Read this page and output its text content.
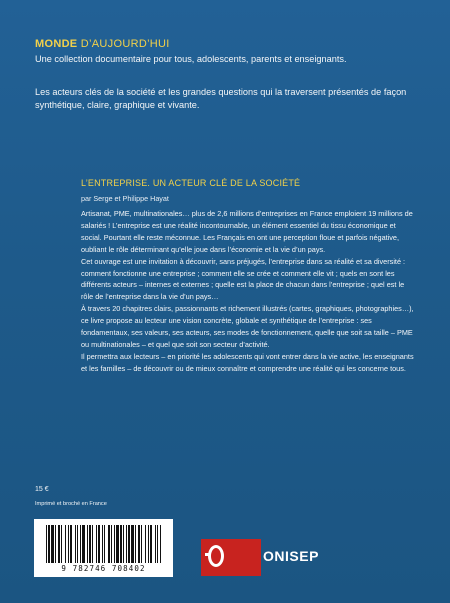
MONDE D’AUJOURD’HUI
Une collection documentaire pour tous, adolescents, parents et enseignants.
Les acteurs clés de la société et les grandes questions qui la traversent présentés de façon synthétique, claire, graphique et vivante.
L’ENTREPRISE. UN ACTEUR CLÉ DE LA SOCIÉTÉ
par Serge et Philippe Hayat

Artisanat, PME, multinationales… plus de 2,6 millions d’entreprises en France emploient 19 millions de salariés ! L’entreprise est une réalité incontournable, un élément essentiel du tissu économique et social. Pourtant elle reste méconnue. Les Français en ont une perception floue et parfois négative, oubliant le rôle déterminant qu’elle joue dans l’économie et la vie d’un pays.

Cet ouvrage est une invitation à découvrir, sans préjugés, l’entreprise dans sa réalité et sa diversité : comment fonctionne une entreprise ; comment elle se crée et comment elle vit ; quels en sont les différents acteurs – internes et externes ; quelle est la place de chacun dans l’entreprise ; quel est le rôle de l’entreprise dans la vie d’un pays…

À travers 20 chapitres clairs, passionnants et richement illustrés (cartes, graphiques, photographies…), ce livre propose au lecteur une vision concrète, globale et synthétique de l’entreprise : ses fondamentaux, ses valeurs, ses acteurs, ses modes de fonctionnement, quelle que soit sa taille – PME ou multinationales – et quel que soit son secteur d’activité.

Il permettra aux lecteurs – en priorité les adolescents qui vont entrer dans la vie active, les enseignants et les familles – de découvrir ou de mieux connaître et comprendre une réalité qui les concerne tous.

15 €
Imprimé et broché en France
9 782746 708402
ONISEP
